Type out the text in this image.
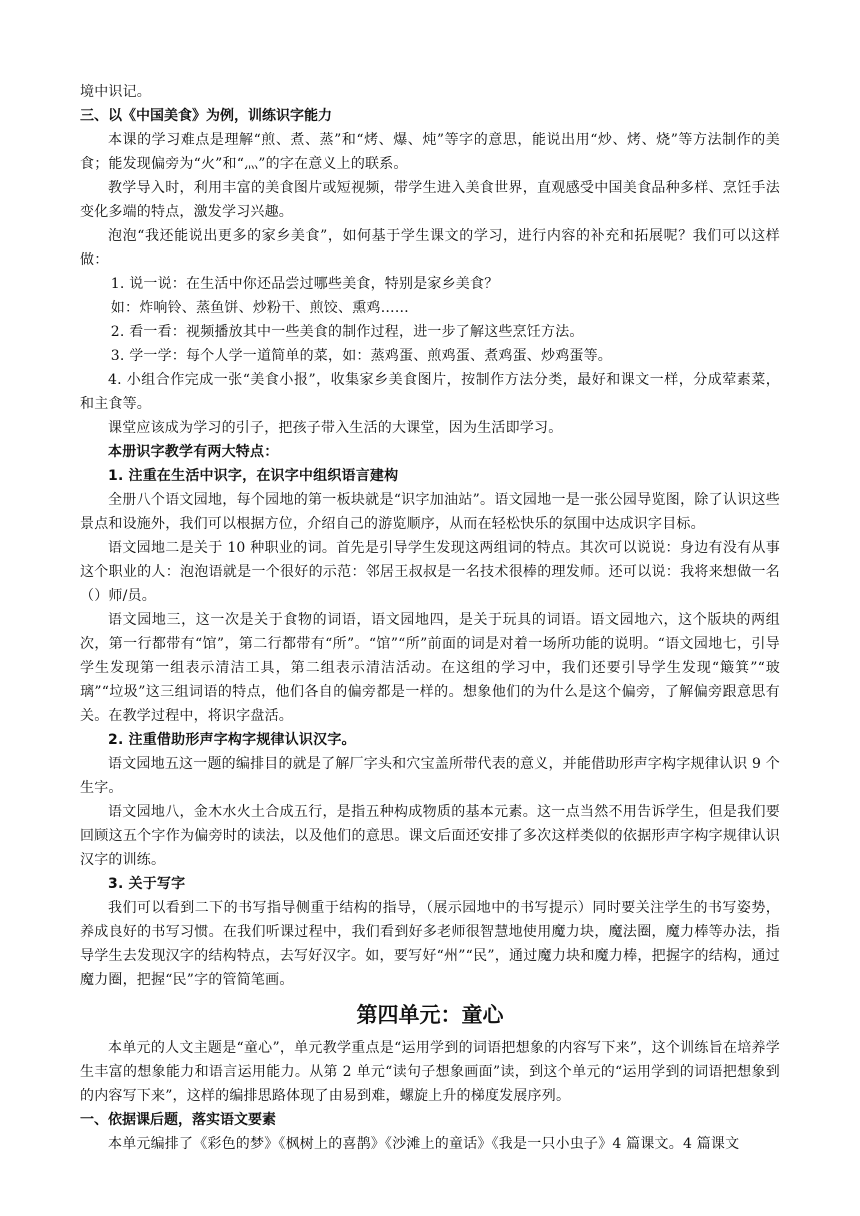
境中识记。

三、以《中国美食》为例，训练识字能力

本课的学习难点是理解“煎、煮、蒸”和“烤、爆、炖”等字的意思，能说出用“炒、烤、烧”等方法制作的美食；能发现偏旁为“火”和“灬”的字在意义上的联系。

教学导入时，利用丰富的美食图片或短视频，带学生进入美食世界，直观感受中国美食品种多样、烹饪手法变化多端的特点，激发学习兴趣。

泡泡“我还能说出更多的家乡美食”，如何基于学生课文的学习，进行内容的补充和拓展呢？我们可以这样做：

1. 说一说：在生活中你还品尝过哪些美食，特别是家乡美食？

如：炸响铃、蒸鱼饼、炒粉干、煎饺、熏鸡……

2. 看一看：视频播放其中一些美食的制作过程，进一步了解这些烹饪方法。

3. 学一学：每个人学一道简单的菜，如：蒸鸡蛋、煎鸡蛋、煮鸡蛋、炒鸡蛋等。

4. 小组合作完成一张“美食小报”，收集家乡美食图片，按制作方法分类，最好和课文一样，分成荤素菜，和主食等。

课堂应该成为学习的引子，把孩子带入生活的大课堂，因为生活即学习。

本册识字教学有两大特点：

1. 注重在生活中识字，在识字中组织语言建构

全册八个语文园地，每个园地的第一板块就是“识字加油站”。语文园地一是一张公园导览图，除了认识这些景点和设施外，我们可以根据方位，介绍自己的游览顺序，从而在轻松快乐的氛围中达成识字目标。

语文园地二是关于 10 种职业的词。首先是引导学生发现这两组词的特点。其次可以说说：身边有没有从事这个职业的人：泡泡语就是一个很好的示范：邻居王叔叔是一名技术很棒的理发师。还可以说：我将来想做一名（）师/员。

语文园地三，这一次是关于食物的词语，语文园地四，是关于玩具的词语。语文园地六，这个版块的两组次，第一行都带有“馆”，第二行都带有“所”。“馆”“所”前面的词是对着一场所功能的说明。“语文园地七，引导学生发现第一组表示清洁工具，第二组表示清洁活动。在这组的学习中，我们还要引导学生发现“簸箕”“玻璃”“垃圾”这三组词语的特点，他们各自的偏旁都是一样的。想象他们的为什么是这个偏旁，了解偏旁跟意思有关。在教学过程中，将识字盘活。

2. 注重借助形声字构字规律认识汉字。

语文园地五这一题的编排目的就是了解厂字头和穴宝盖所带代表的意义，并能借助形声字构字规律认识 9 个生字。

语文园地八，金木水火土合成五行，是指五种构成物质的基本元素。这一点当然不用告诉学生，但是我们要回顾这五个字作为偏旁时的读法，以及他们的意思。课文后面还安排了多次这样类似的依据形声字构字规律认识汉字的训练。

3. 关于写字

我们可以看到二下的书写指导侧重于结构的指导，（展示园地中的书写提示）同时要关注学生的书写姿势，养成良好的书写习惯。在我们听课过程中，我们看到好多老师很智慧地使用魔力块，魔法圈，魔力棒等办法，指导学生去发现汉字的结构特点，去写好汉字。如，要写好“州”“民”，通过魔力块和魔力棒，把握字的结构，通过魔力圈，把握“民”字的管简笔画。

第四单元：童心

本单元的人文主题是“童心”，单元教学重点是“运用学到的词语把想象的内容写下来”，这个训练旨在培养学生丰富的想象能力和语言运用能力。从第 2 单元“读句子想象画面”读，到这个单元的“运用学到的词语把想象到的内容写下来”，这样的编排思路体现了由易到难，螺旋上升的梯度发展序列。

一、依据课后题，落实语文要素

本单元编排了《彩色的梦》《枫树上的喜鹊》《沙滩上的童话》《我是一只小虫子》4 篇课文。4 篇课文
